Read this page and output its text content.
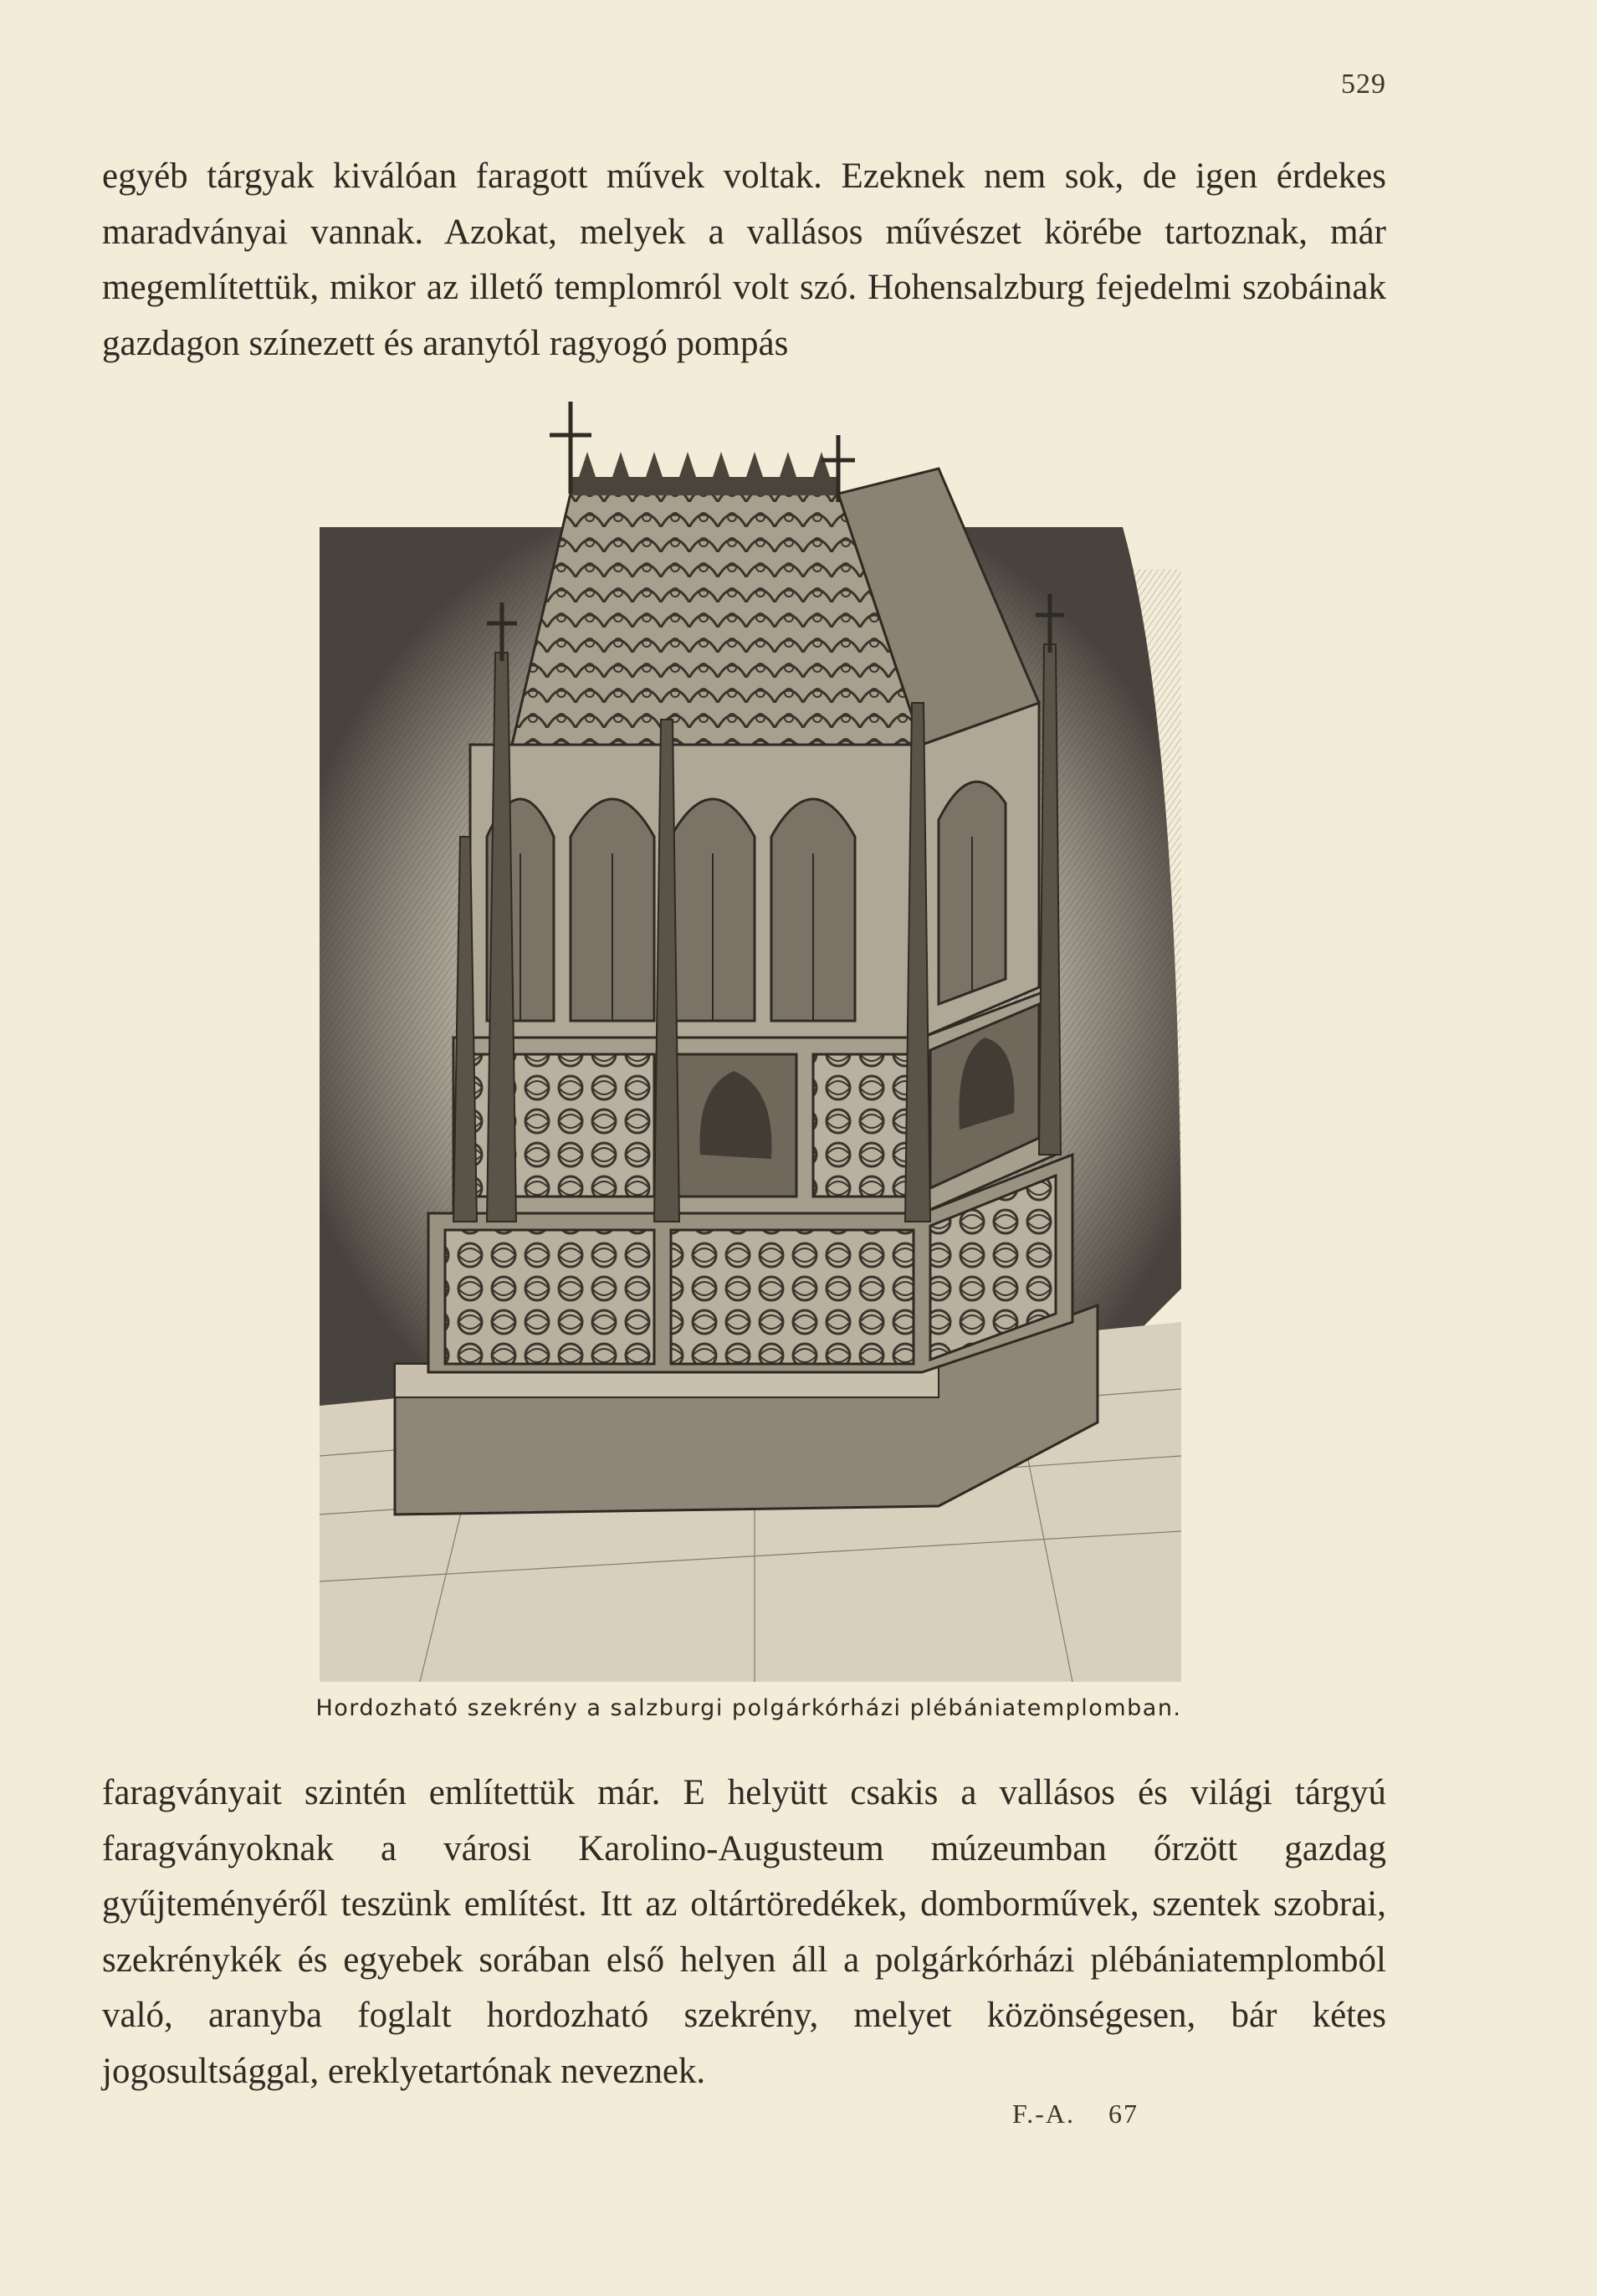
529

egyéb tárgyak kiválóan faragott művek voltak. Ezeknek nem sok, de igen érdekes maradványai vannak. Azokat, melyek a vallásos művészet körébe tartoznak, már megemlítettük, mikor az illető templomról volt szó. Hohensalzburg fejedelmi szobáinak gazdagon színezett és aranytól ragyogó pompás

Hordozható szekrény a salzburgi polgárkórházi plébániatemplomban.

faragványait szintén említettük már. E helyütt csakis a vallásos és világi tárgyú faragványoknak a városi Karolino-Augusteum múzeumban őrzött gazdag gyűjteményéről teszünk említést. Itt az oltártöredékek, domborművek, szentek szobrai, szekrénykék és egyebek sorában első helyen áll a polgárkórházi plébániatemplomból való, aranyba foglalt hordozható szekrény, melyet közönségesen, bár kétes jogosultsággal, ereklyetartónak neveznek.

F.-A.    67
